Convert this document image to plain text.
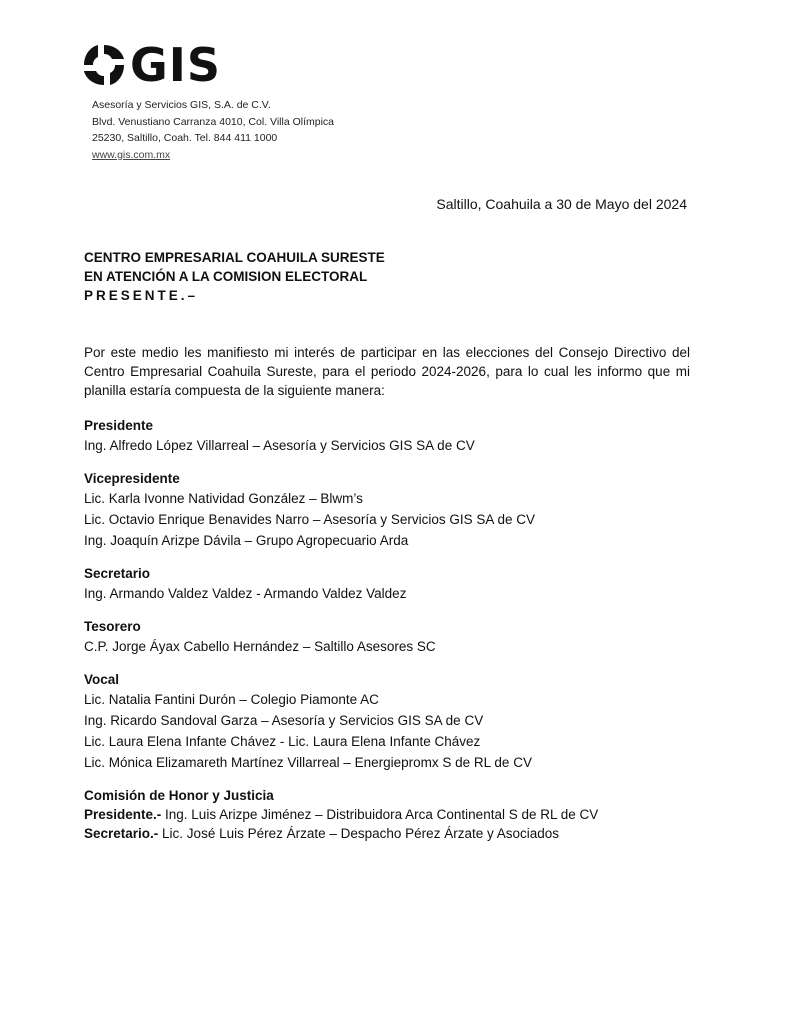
GIS
Asesoría y Servicios GIS, S.A. de C.V.
Blvd. Venustiano Carranza 4010, Col. Villa Olímpica
25230, Saltillo, Coah. Tel. 844 411 1000
www.gis.com.mx
Saltillo, Coahuila a 30 de Mayo del 2024
CENTRO EMPRESARIAL COAHUILA SURESTE
EN ATENCIÓN A LA COMISION ELECTORAL
PRESENTE.–
Por este medio les manifiesto mi interés de participar en las elecciones del Consejo Directivo del Centro Empresarial Coahuila Sureste, para el periodo 2024-2026, para lo cual les informo que mi planilla estaría compuesta de la siguiente manera:
Presidente
Ing. Alfredo López Villarreal – Asesoría y Servicios GIS SA de CV
Vicepresidente
Lic. Karla Ivonne Natividad González – Blwm’s
Lic. Octavio Enrique Benavides Narro – Asesoría y Servicios GIS SA de CV
Ing. Joaquín Arizpe Dávila – Grupo Agropecuario Arda
Secretario
Ing. Armando Valdez Valdez - Armando Valdez Valdez
Tesorero
C.P. Jorge Áyax Cabello Hernández – Saltillo Asesores SC
Vocal
Lic. Natalia Fantini Durón – Colegio Piamonte AC
Ing. Ricardo Sandoval Garza – Asesoría y Servicios GIS SA de CV
Lic. Laura Elena Infante Chávez - Lic. Laura Elena Infante Chávez
Lic. Mónica Elizamareth Martínez Villarreal – Energiepromx S de RL de CV
Comisión de Honor y Justicia
Presidente.- Ing. Luis Arizpe Jiménez – Distribuidora Arca Continental S de RL de CV
Secretario.- Lic. José Luis Pérez Árzate – Despacho Pérez Árzate y Asociados
